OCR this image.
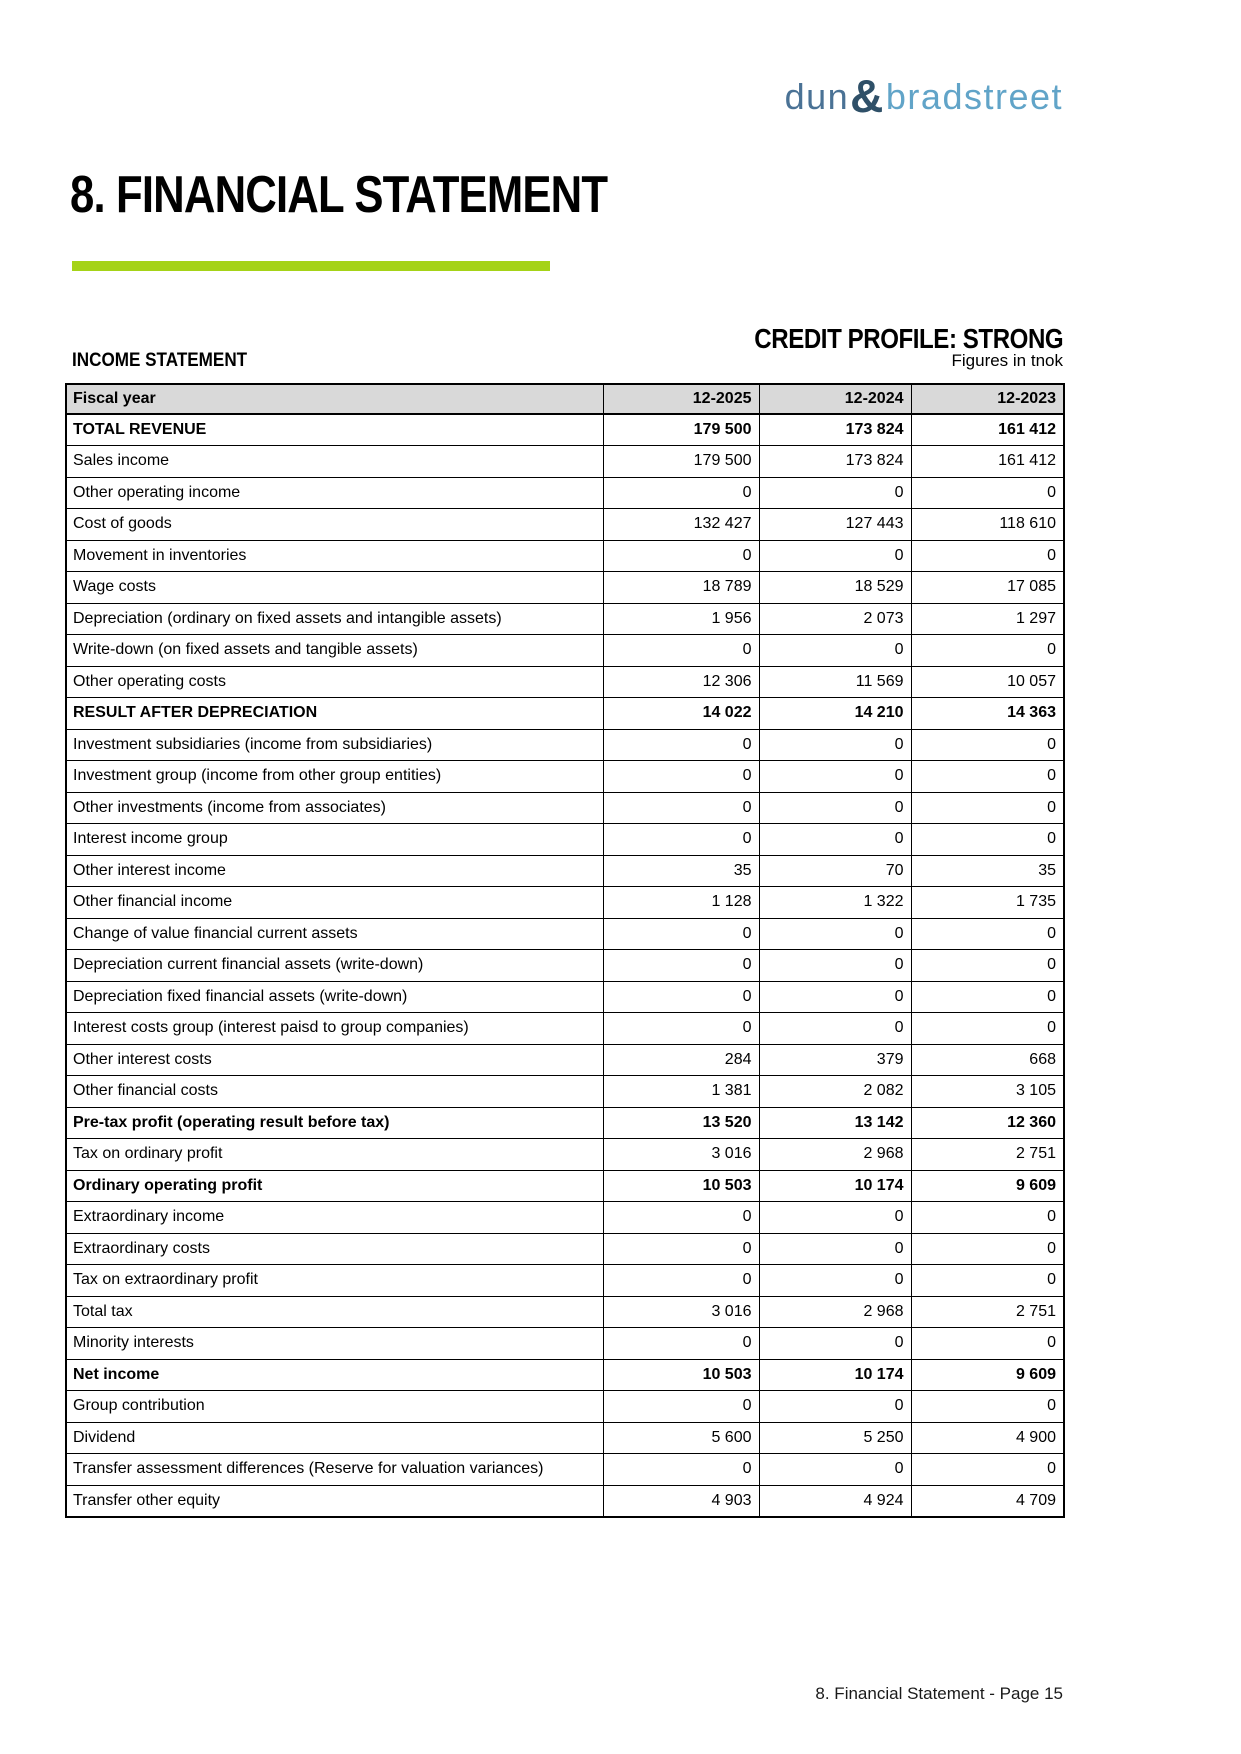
dun&bradstreet
8. FINANCIAL STATEMENT
CREDIT PROFILE: STRONG
INCOME STATEMENT	Figures in tnok
Fiscal year	12-2025	12-2024	12-2023
TOTAL REVENUE	179 500	173 824	161 412
Sales income	179 500	173 824	161 412
Other operating income	0	0	0
Cost of goods	132 427	127 443	118 610
Movement in inventories	0	0	0
Wage costs	18 789	18 529	17 085
Depreciation (ordinary on fixed assets and intangible assets)	1 956	2 073	1 297
Write-down (on fixed assets and tangible assets)	0	0	0
Other operating costs	12 306	11 569	10 057
RESULT AFTER DEPRECIATION	14 022	14 210	14 363
Investment subsidiaries (income from subsidiaries)	0	0	0
Investment group (income from other group entities)	0	0	0
Other investments (income from associates)	0	0	0
Interest income group	0	0	0
Other interest income	35	70	35
Other financial income	1 128	1 322	1 735
Change of value financial current assets	0	0	0
Depreciation current financial assets (write-down)	0	0	0
Depreciation fixed financial assets (write-down)	0	0	0
Interest costs group (interest paisd to group companies)	0	0	0
Other interest costs	284	379	668
Other financial costs	1 381	2 082	3 105
Pre-tax profit (operating result before tax)	13 520	13 142	12 360
Tax on ordinary profit	3 016	2 968	2 751
Ordinary operating profit	10 503	10 174	9 609
Extraordinary income	0	0	0
Extraordinary costs	0	0	0
Tax on extraordinary profit	0	0	0
Total tax	3 016	2 968	2 751
Minority interests	0	0	0
Net income	10 503	10 174	9 609
Group contribution	0	0	0
Dividend	5 600	5 250	4 900
Transfer assessment differences (Reserve for valuation variances)	0	0	0
Transfer other equity	4 903	4 924	4 709
8. Financial Statement - Page 15
